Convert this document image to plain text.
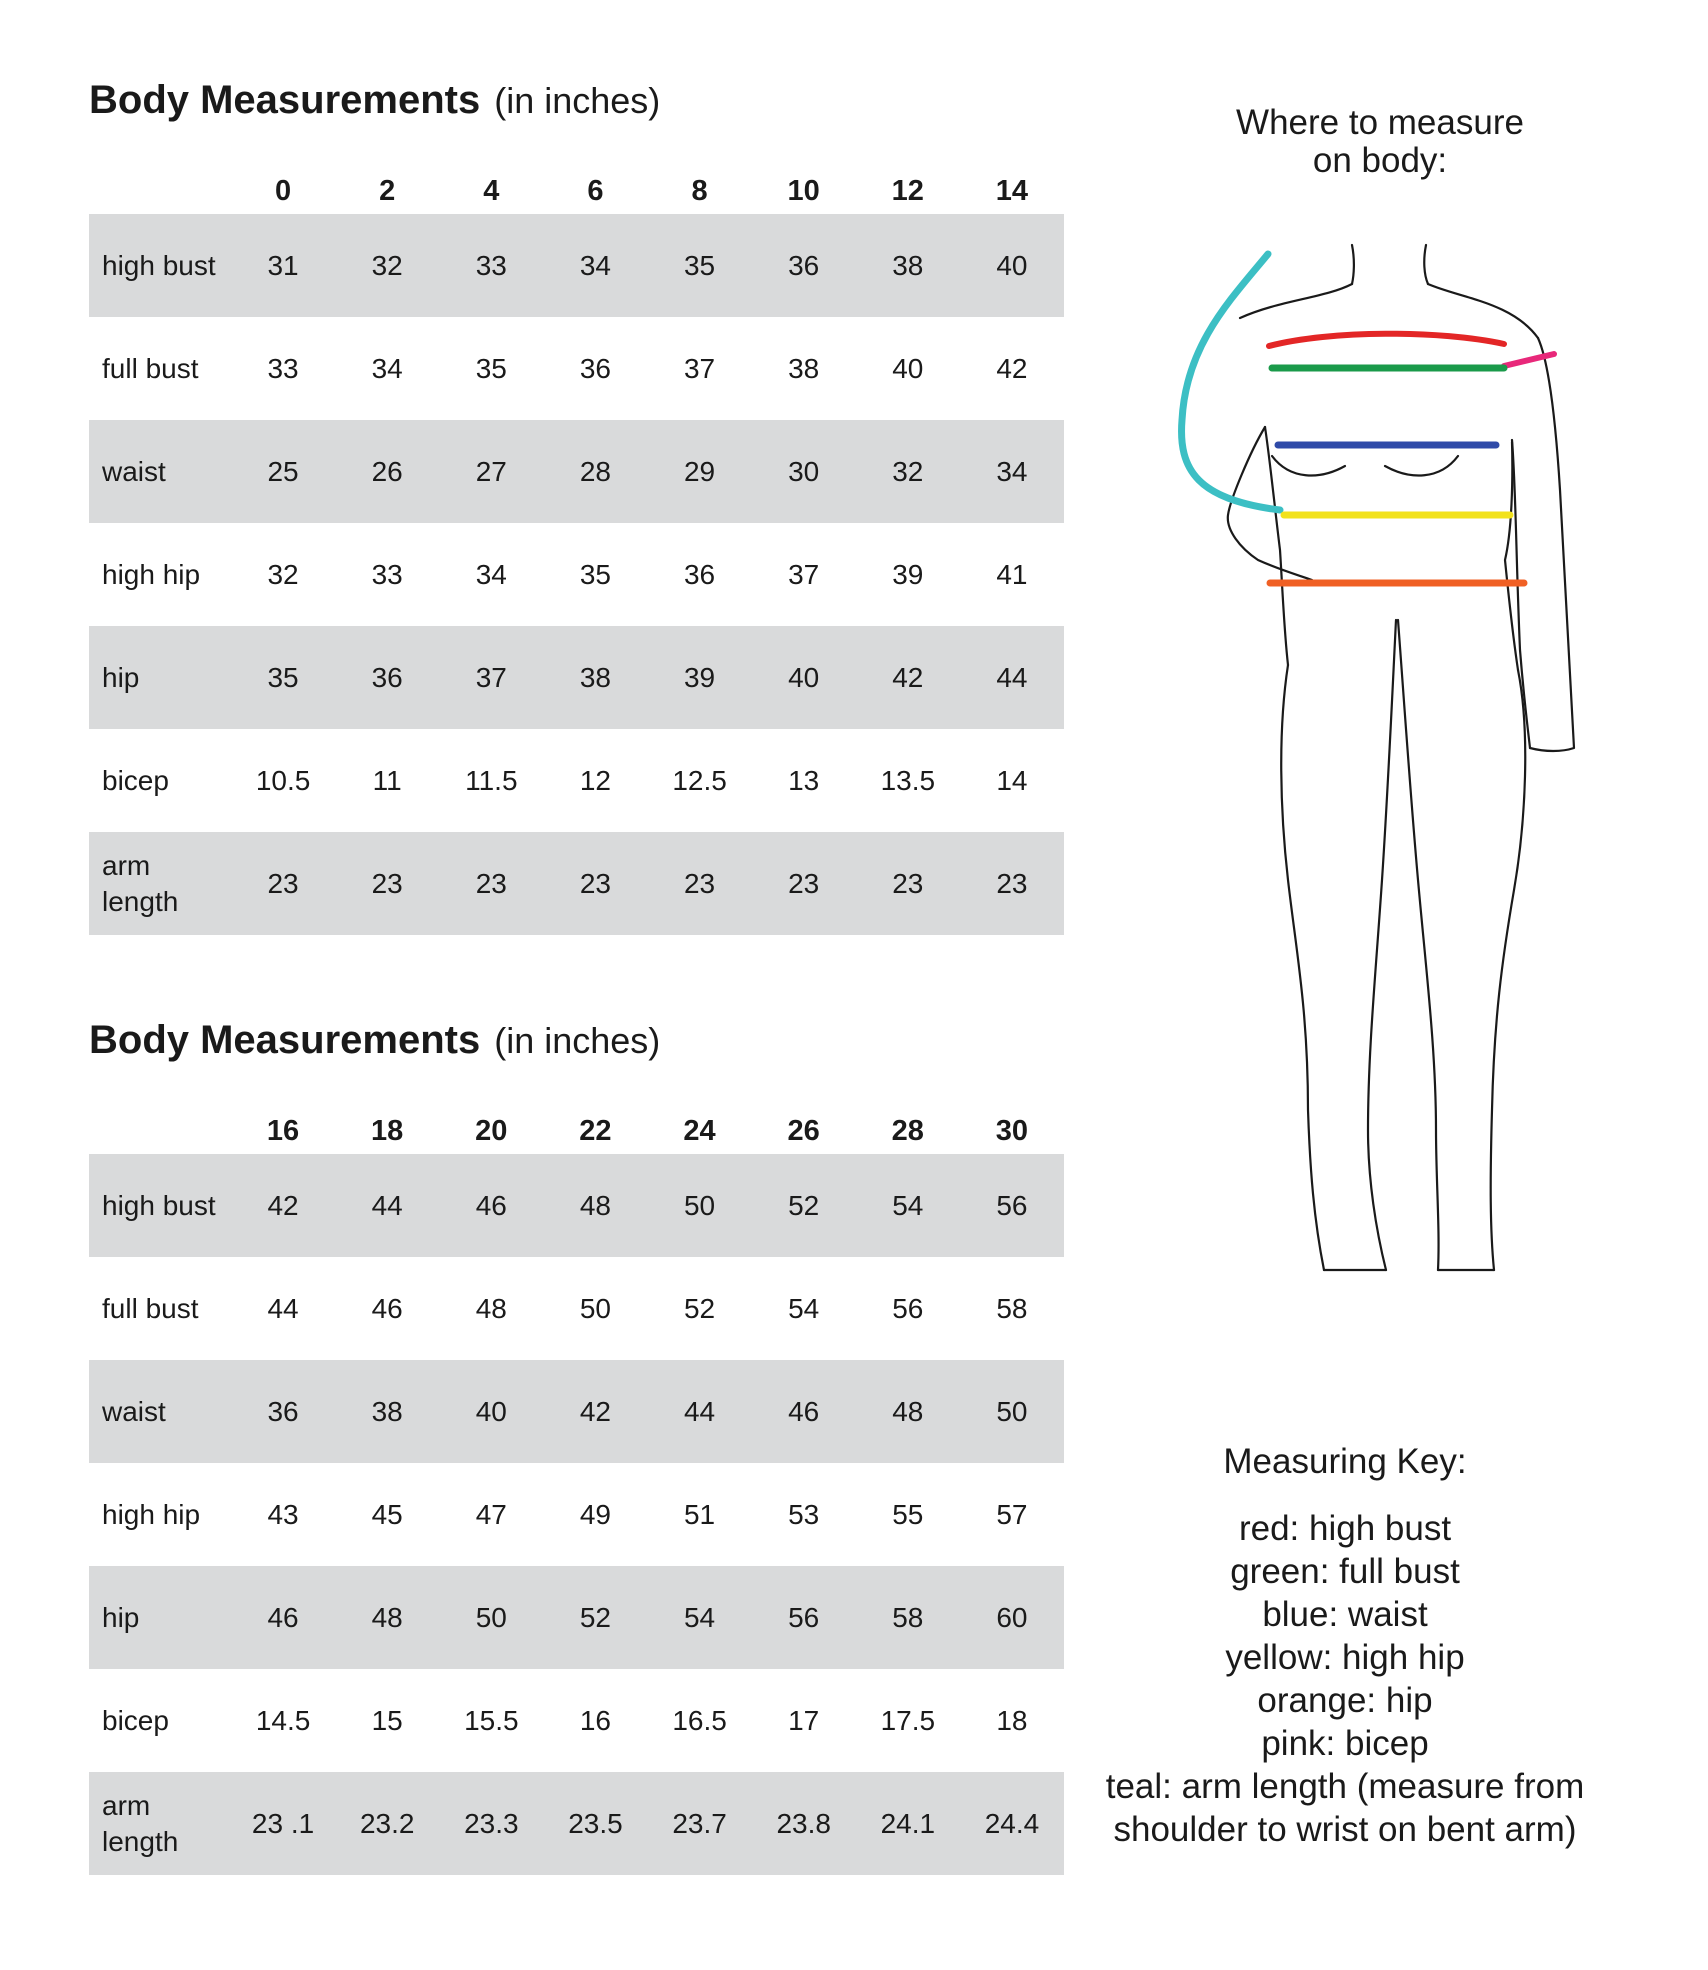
Body Measurements (in inches)
	0	2	4	6	8	10	12	14
high bust	31	32	33	34	35	36	38	40
full bust	33	34	35	36	37	38	40	42
waist	25	26	27	28	29	30	32	34
high hip	32	33	34	35	36	37	39	41
hip	35	36	37	38	39	40	42	44
bicep	10.5	11	11.5	12	12.5	13	13.5	14
arm length	23	23	23	23	23	23	23	23
Body Measurements (in inches)
	16	18	20	22	24	26	28	30
high bust	42	44	46	48	50	52	54	56
full bust	44	46	48	50	52	54	56	58
waist	36	38	40	42	44	46	48	50
high hip	43	45	47	49	51	53	55	57
hip	46	48	50	52	54	56	58	60
bicep	14.5	15	15.5	16	16.5	17	17.5	18
arm length	23 .1	23.2	23.3	23.5	23.7	23.8	24.1	24.4
Where to measure
on body:
Measuring Key:
red: high bust
green: full bust
blue: waist
yellow: high hip
orange: hip
pink: bicep
teal: arm length (measure from
shoulder to wrist on bent arm)
